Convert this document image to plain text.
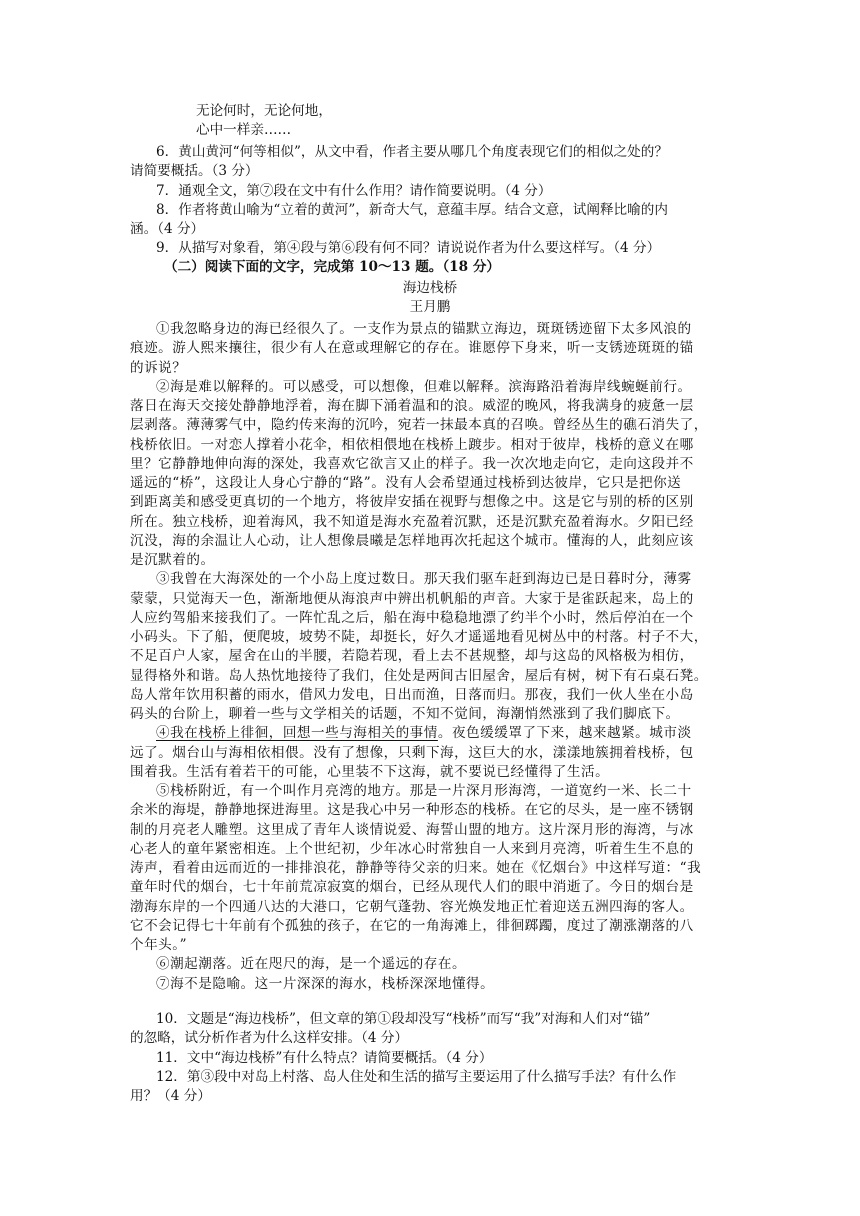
无论何时，无论何地，
心中一样亲……
6．黄山黄河“何等相似”，从文中看，作者主要从哪几个角度表现它们的相似之处的？
请简要概括。（3 分）
7．通观全文，第⑦段在文中有什么作用？请作简要说明。（4 分）
8．作者将黄山喻为“立着的黄河”，新奇大气，意蕴丰厚。结合文意，试阐释比喻的内
涵。（4 分）
9．从描写对象看，第④段与第⑥段有何不同？请说说作者为什么要这样写。（4 分）
（二）阅读下面的文字，完成第 10～13 题。（18 分）
海边栈桥
王月鹏
①我忽略身边的海已经很久了。一支作为景点的锚默立海边，斑斑锈迹留下太多风浪的
痕迹。游人熙来攘往，很少有人在意或理解它的存在。谁愿停下身来，听一支锈迹斑斑的锚
的诉说？
②海是难以解释的。可以感受，可以想像，但难以解释。滨海路沿着海岸线蜿蜒前行。
落日在海天交接处静静地浮着，海在脚下涌着温和的浪。威涩的晚风，将我满身的疲惫一层
层剥落。薄薄雾气中，隐约传来海的沉吟，宛若一抹最本真的召唤。曾经丛生的礁石消失了，
栈桥依旧。一对恋人撑着小花伞，相依相偎地在栈桥上踱步。相对于彼岸，栈桥的意义在哪
里？它静静地伸向海的深处，我喜欢它欲言又止的样子。我一次次地走向它，走向这段并不
遥远的“桥”，这段让人身心宁静的“路”。没有人会希望通过栈桥到达彼岸，它只是把你送
到距离美和感受更真切的一个地方，将彼岸安插在视野与想像之中。这是它与别的桥的区别
所在。独立栈桥，迎着海风，我不知道是海水充盈着沉默，还是沉默充盈着海水。夕阳已经
沉没，海的余温让人心动，让人想像晨曦是怎样地再次托起这个城市。懂海的人，此刻应该
是沉默着的。
③我曾在大海深处的一个小岛上度过数日。那天我们驱车赶到海边已是日暮时分，薄雾
蒙蒙，只觉海天一色，渐渐地便从海浪声中辨出机帆船的声音。大家于是雀跃起来，岛上的
人应约驾船来接我们了。一阵忙乱之后，船在海中稳稳地漂了约半个小时，然后停泊在一个
小码头。下了船，便爬坡，坡势不陡，却挺长，好久才遥遥地看见树丛中的村落。村子不大，
不足百户人家，屋舍在山的半腰，若隐若现，看上去不甚规整，却与这岛的风格极为相仿，
显得格外和谐。岛人热忱地接待了我们，住处是两间古旧屋舍，屋后有树，树下有石桌石凳。
岛人常年饮用积蓄的雨水，借风力发电，日出而渔，日落而归。那夜，我们一伙人坐在小岛
码头的台阶上，聊着一些与文学相关的话题，不知不觉间，海潮悄然涨到了我们脚底下。
④我在栈桥上徘徊，回想一些与海相关的事情。夜色缓缓罩了下来，越来越紧。城市淡
远了。烟台山与海相依相偎。没有了想像，只剩下海，这巨大的水，漾漾地簇拥着栈桥，包
围着我。生活有着若干的可能，心里装不下这海，就不要说已经懂得了生活。
⑤栈桥附近，有一个叫作月亮湾的地方。那是一片深月形海湾，一道宽约一米、长二十
余米的海堤，静静地探进海里。这是我心中另一种形态的栈桥。在它的尽头，是一座不锈钢
制的月亮老人雕塑。这里成了青年人谈情说爱、海誓山盟的地方。这片深月形的海湾，与冰
心老人的童年紧密相连。上个世纪初，少年冰心时常独自一人来到月亮湾，听着生生不息的
涛声，看着由远而近的一排排浪花，静静等待父亲的归来。她在《忆烟台》中这样写道：“我
童年时代的烟台，七十年前荒凉寂寞的烟台，已经从现代人们的眼中消逝了。今日的烟台是
渤海东岸的一个四通八达的大港口，它朝气蓬勃、容光焕发地正忙着迎送五洲四海的客人。
它不会记得七十年前有个孤独的孩子，在它的一角海滩上，徘徊踯躅，度过了潮涨潮落的八
个年头。”
⑥潮起潮落。近在咫尺的海，是一个遥远的存在。
⑦海不是隐喻。这一片深深的海水，栈桥深深地懂得。
10．文题是“海边栈桥”，但文章的第①段却没写“栈桥”而写“我”对海和人们对“锚”
的忽略，试分析作者为什么这样安排。（4 分）
11．文中“海边栈桥”有什么特点？请简要概括。（4 分）
12．第③段中对岛上村落、岛人住处和生活的描写主要运用了什么描写手法？有什么作
用？（4 分）
